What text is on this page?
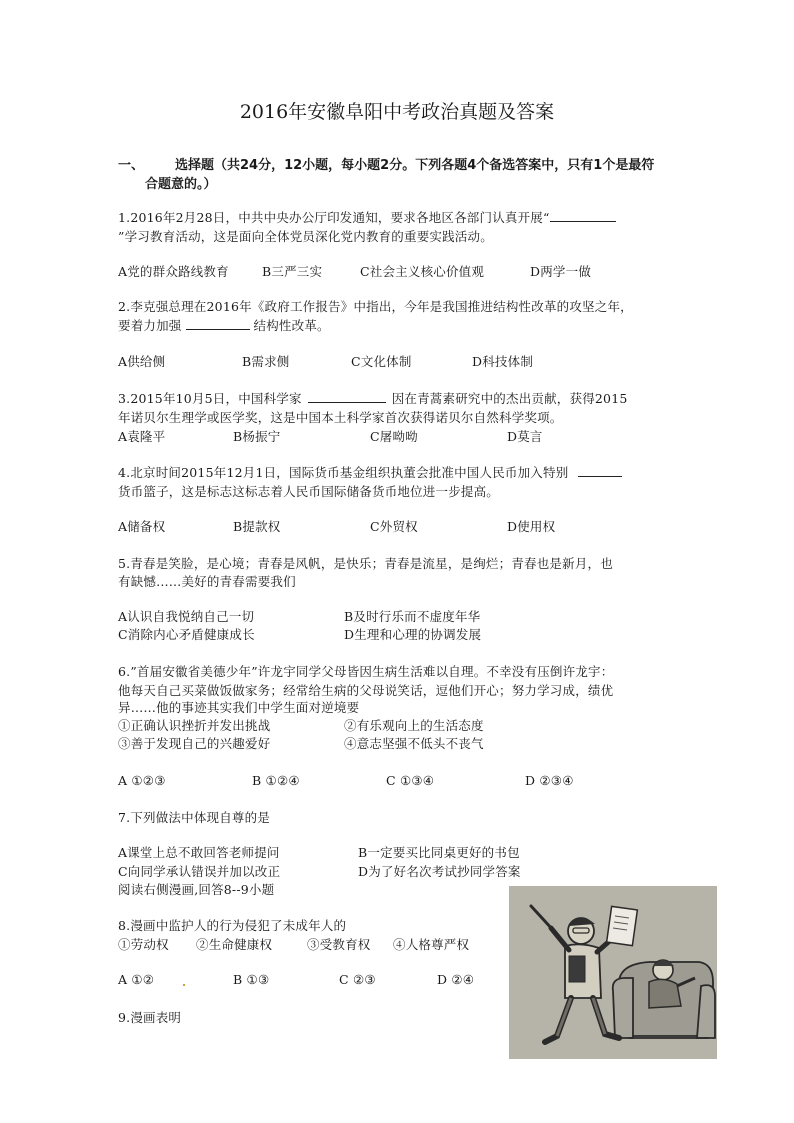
2016年安徽阜阳中考政治真题及答案
一、 选择题（共24分，12小题，每小题2分。下列各题4个备选答案中，只有1个是最符
合题意的。）
1.2016年2月28日，中共中央办公厅印发通知，要求各地区各部门认真开展“
”学习教育活动，这是面向全体党员深化党内教育的重要实践活动。
A党的群众路线教育	B三严三实	C社会主义核心价值观	D两学一做
2.李克强总理在2016年《政府工作报告》中指出，今年是我国推进结构性改革的攻坚之年，
要着力加强	结构性改革。
A供给侧	B需求侧	C文化体制	D科技体制
3.2015年10月5日，中国科学家	因在青蒿素研究中的杰出贡献，获得2015
年诺贝尔生理学或医学奖，这是中国本土科学家首次获得诺贝尔自然科学奖项。
A袁隆平	B杨振宁	C屠呦呦	D莫言
4.北京时间2015年12月1日，国际货币基金组织执董会批准中国人民币加入特别
货币篮子，这是标志这标志着人民币国际储备货币地位进一步提高。
A储备权	B提款权	C外贸权	D使用权
5.青春是笑脸，是心境；青春是风帆，是快乐；青春是流星，是绚烂；青春也是新月，也
有缺憾……美好的青春需要我们
A认识自我悦纳自己一切	B及时行乐而不虚度年华
C消除内心矛盾健康成长	D生理和心理的协调发展
6.”首届安徽省美德少年”许龙宇同学父母皆因生病生活难以自理。不幸没有压倒许龙宇：
他每天自己买菜做饭做家务；经常给生病的父母说笑话，逗他们开心；努力学习成，绩优
异……他的事迹其实我们中学生面对逆境要
①正确认识挫折并发出挑战	②有乐观向上的生活态度
③善于发现自己的兴趣爱好	④意志坚强不低头不丧气
A ①②③	B ①②④	C ①③④	D ②③④
7.下列做法中体现自尊的是
A课堂上总不敢回答老师提问	B一定要买比同桌更好的书包
C向同学承认错误并加以改正	D为了好名次考试抄同学答案
阅读右侧漫画,回答8--9小题
8.漫画中监护人的行为侵犯了未成年人的
①劳动权 ②生命健康权	③受教育权 ④人格尊严权
A ①②	B ①③	C ②③	D ②④
9.漫画表明
